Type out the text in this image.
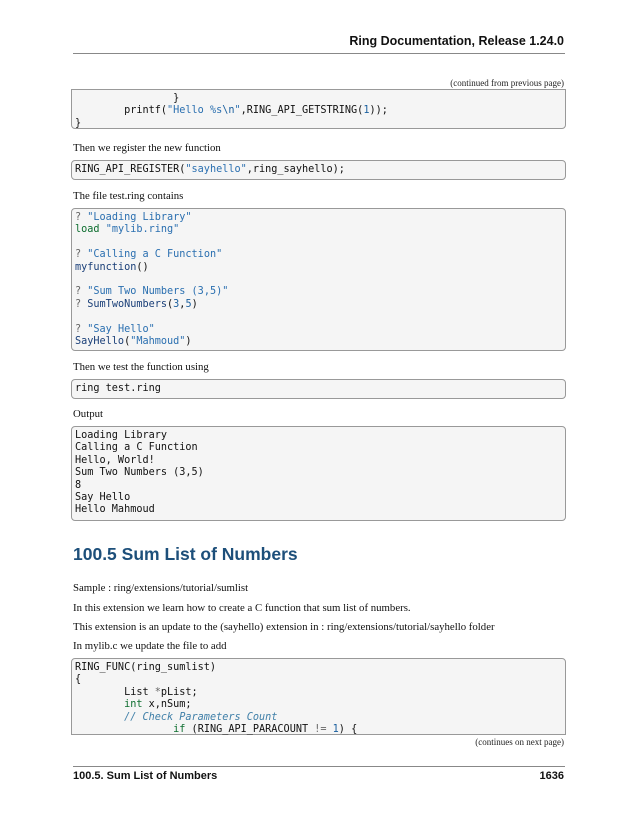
Ring Documentation, Release 1.24.0
(continued from previous page)
}
printf("Hello %s\n",RING_API_GETSTRING(1));
}
Then we register the new function
RING_API_REGISTER("sayhello",ring_sayhello);
The file test.ring contains
? "Loading Library"
load "mylib.ring"

? "Calling a C Function"
myfunction()

? "Sum Two Numbers (3,5)"
? SumTwoNumbers(3,5)

? "Say Hello"
SayHello("Mahmoud")
Then we test the function using
ring test.ring
Output
Loading Library
Calling a C Function
Hello, World!
Sum Two Numbers (3,5)
8
Say Hello
Hello Mahmoud
100.5 Sum List of Numbers
Sample : ring/extensions/tutorial/sumlist
In this extension we learn how to create a C function that sum list of numbers.
This extension is an update to the (sayhello) extension in : ring/extensions/tutorial/sayhello folder
In mylib.c we update the file to add
RING_FUNC(ring_sumlist)
{
List *pList;
int x,nSum;
// Check Parameters Count
if (RING_API_PARACOUNT != 1) {
(continues on next page)
100.5. Sum List of Numbers	1636
